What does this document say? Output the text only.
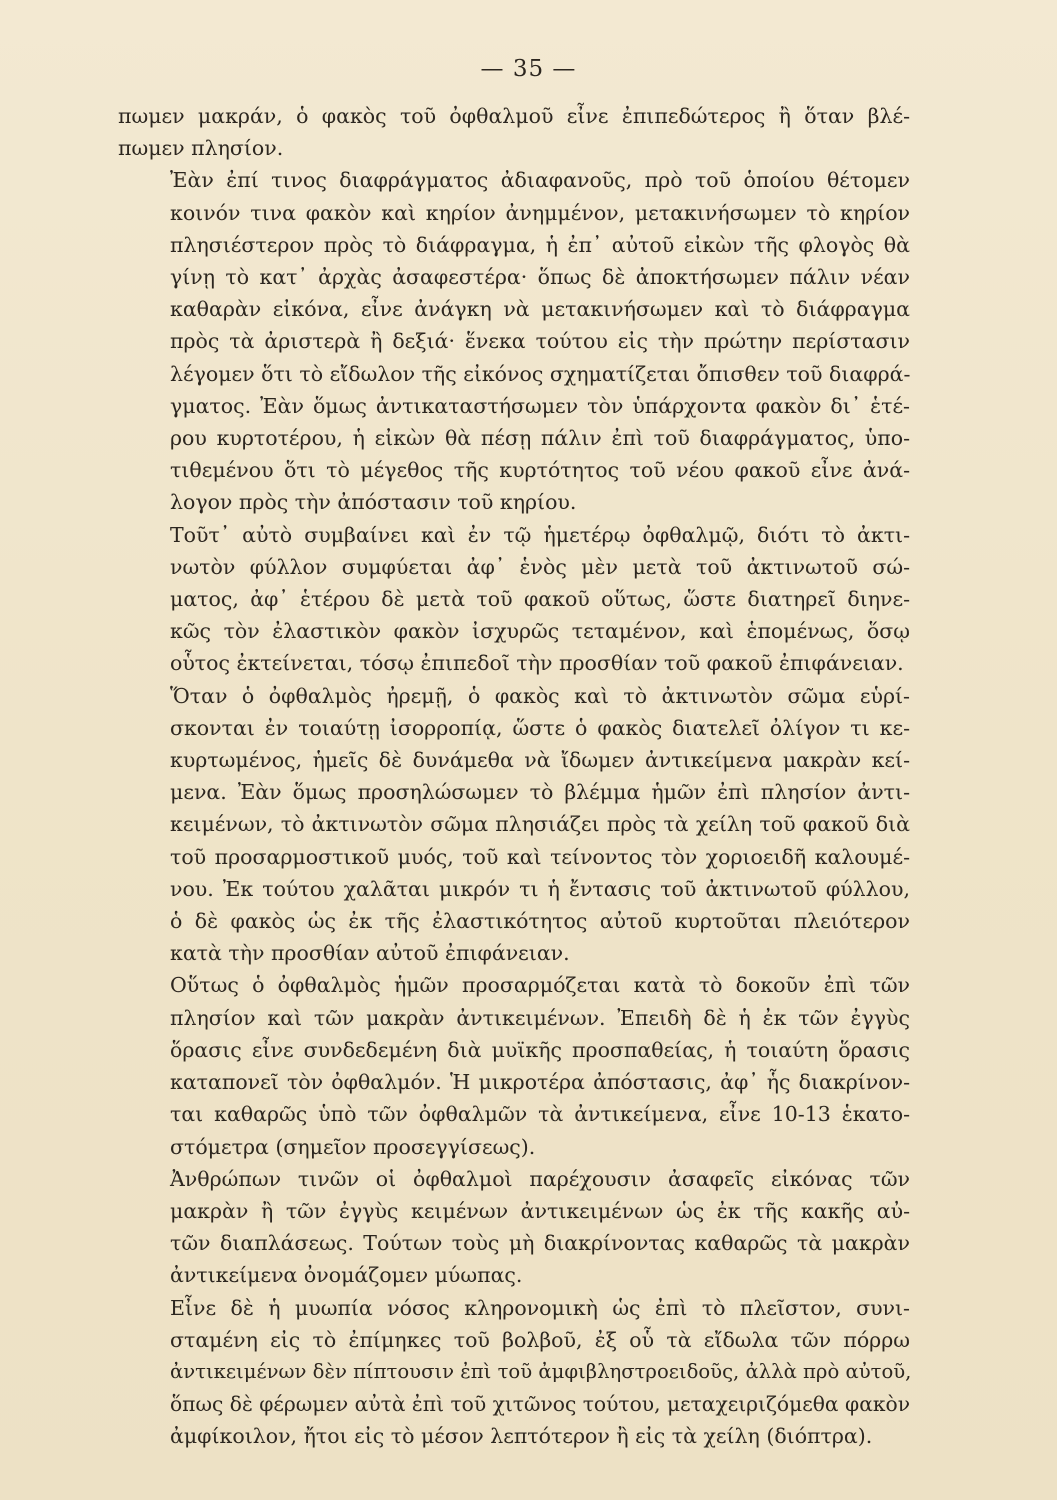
— 35 —

πωμεν μακράν, ὁ φακὸς τοῦ ὀφθαλμοῦ εἶνε ἐπιπεδώτερος ἢ ὅταν βλέ-
πωμεν πλησίον.

Ἐὰν ἐπί τινος διαφράγματος ἀδιαφανοῦς, πρὸ τοῦ ὁποίου θέτομεν
κοινόν τινα φακὸν καὶ κηρίον ἀνημμένον, μετακινήσωμεν τὸ κηρίον
πλησιέστερον πρὸς τὸ διάφραγμα, ἡ ἐπ᾽ αὐτοῦ εἰκὼν τῆς φλογὸς θὰ
γίνῃ τὸ κατ᾽ ἀρχὰς ἀσαφεστέρα· ὅπως δὲ ἀποκτήσωμεν πάλιν νέαν
καθαρὰν εἰκόνα, εἶνε ἀνάγκη νὰ μετακινήσωμεν καὶ τὸ διάφραγμα
πρὸς τὰ ἀριστερὰ ἢ δεξιά· ἕνεκα τούτου εἰς τὴν πρώτην περίστασιν
λέγομεν ὅτι τὸ εἴδωλον τῆς εἰκόνος σχηματίζεται ὄπισθεν τοῦ διαφρά-
γματος. Ἐὰν ὅμως ἀντικαταστήσωμεν τὸν ὑπάρχοντα φακὸν δι᾽ ἑτέ-
ρου κυρτοτέρου, ἡ εἰκὼν θὰ πέσῃ πάλιν ἐπὶ τοῦ διαφράγματος, ὑπο-
τιθεμένου ὅτι τὸ μέγεθος τῆς κυρτότητος τοῦ νέου φακοῦ εἶνε ἀνά-
λογον πρὸς τὴν ἀπόστασιν τοῦ κηρίου.

Τοῦτ᾽ αὐτὸ συμβαίνει καὶ ἐν τῷ ἡμετέρῳ ὀφθαλμῷ, διότι τὸ ἀκτι-
νωτὸν φύλλον συμφύεται ἀφ᾽ ἑνὸς μὲν μετὰ τοῦ ἀκτινωτοῦ σώ-
ματος, ἀφ᾽ ἑτέρου δὲ μετὰ τοῦ φακοῦ οὕτως, ὥστε διατηρεῖ διηνε-
κῶς τὸν ἐλαστικὸν φακὸν ἰσχυρῶς τεταμένον, καὶ ἑπομένως, ὅσῳ
οὗτος ἐκτείνεται, τόσῳ ἐπιπεδοῖ τὴν προσθίαν τοῦ φακοῦ ἐπιφάνειαν.

Ὅταν ὁ ὀφθαλμὸς ἠρεμῇ, ὁ φακὸς καὶ τὸ ἀκτινωτὸν σῶμα εὑρί-
σκονται ἐν τοιαύτῃ ἰσορροπίᾳ, ὥστε ὁ φακὸς διατελεῖ ὀλίγον τι κε-
κυρτωμένος, ἡμεῖς δὲ δυνάμεθα νὰ ἴδωμεν ἀντικείμενα μακρὰν κεί-
μενα. Ἐὰν ὅμως προσηλώσωμεν τὸ βλέμμα ἡμῶν ἐπὶ πλησίον ἀντι-
κειμένων, τὸ ἀκτινωτὸν σῶμα πλησιάζει πρὸς τὰ χείλη τοῦ φακοῦ διὰ
τοῦ προσαρμοστικοῦ μυός, τοῦ καὶ τείνοντος τὸν χοριοειδῆ καλουμέ-
νου. Ἐκ τούτου χαλᾶται μικρόν τι ἡ ἔντασις τοῦ ἀκτινωτοῦ φύλλου,
ὁ δὲ φακὸς ὡς ἐκ τῆς ἐλαστικότητος αὐτοῦ κυρτοῦται πλειότερον
κατὰ τὴν προσθίαν αὐτοῦ ἐπιφάνειαν.

Οὕτως ὁ ὀφθαλμὸς ἡμῶν προσαρμόζεται κατὰ τὸ δοκοῦν ἐπὶ τῶν
πλησίον καὶ τῶν μακρὰν ἀντικειμένων. Ἐπειδὴ δὲ ἡ ἐκ τῶν ἐγγὺς
ὅρασις εἶνε συνδεδεμένη διὰ μυϊκῆς προσπαθείας, ἡ τοιαύτη ὅρασις
καταπονεῖ τὸν ὀφθαλμόν. Ἡ μικροτέρα ἀπόστασις, ἀφ᾽ ἧς διακρίνον-
ται καθαρῶς ὑπὸ τῶν ὀφθαλμῶν τὰ ἀντικείμενα, εἶνε 10-13 ἑκατο-
στόμετρα (σημεῖον προσεγγίσεως).

Ἀνθρώπων τινῶν οἱ ὀφθαλμοὶ παρέχουσιν ἀσαφεῖς εἰκόνας τῶν
μακρὰν ἢ τῶν ἐγγὺς κειμένων ἀντικειμένων ὡς ἐκ τῆς κακῆς αὐ-
τῶν διαπλάσεως. Τούτων τοὺς μὴ διακρίνοντας καθαρῶς τὰ μακρὰν
ἀντικείμενα ὀνομάζομεν μύωπας.

Εἶνε δὲ ἡ μυωπία νόσος κληρονομικὴ ὡς ἐπὶ τὸ πλεῖστον, συνι-
σταμένη εἰς τὸ ἐπίμηκες τοῦ βολβοῦ, ἐξ οὗ τὰ εἴδωλα τῶν πόρρω
ἀντικειμένων δὲν πίπτουσιν ἐπὶ τοῦ ἀμφιβληστροειδοῦς, ἀλλὰ πρὸ αὐτοῦ,
ὅπως δὲ φέρωμεν αὐτὰ ἐπὶ τοῦ χιτῶνος τούτου, μεταχειριζόμεθα φακὸν
ἀμφίκοιλον, ἤτοι εἰς τὸ μέσον λεπτότερον ἢ εἰς τὰ χείλη (διόπτρα).
